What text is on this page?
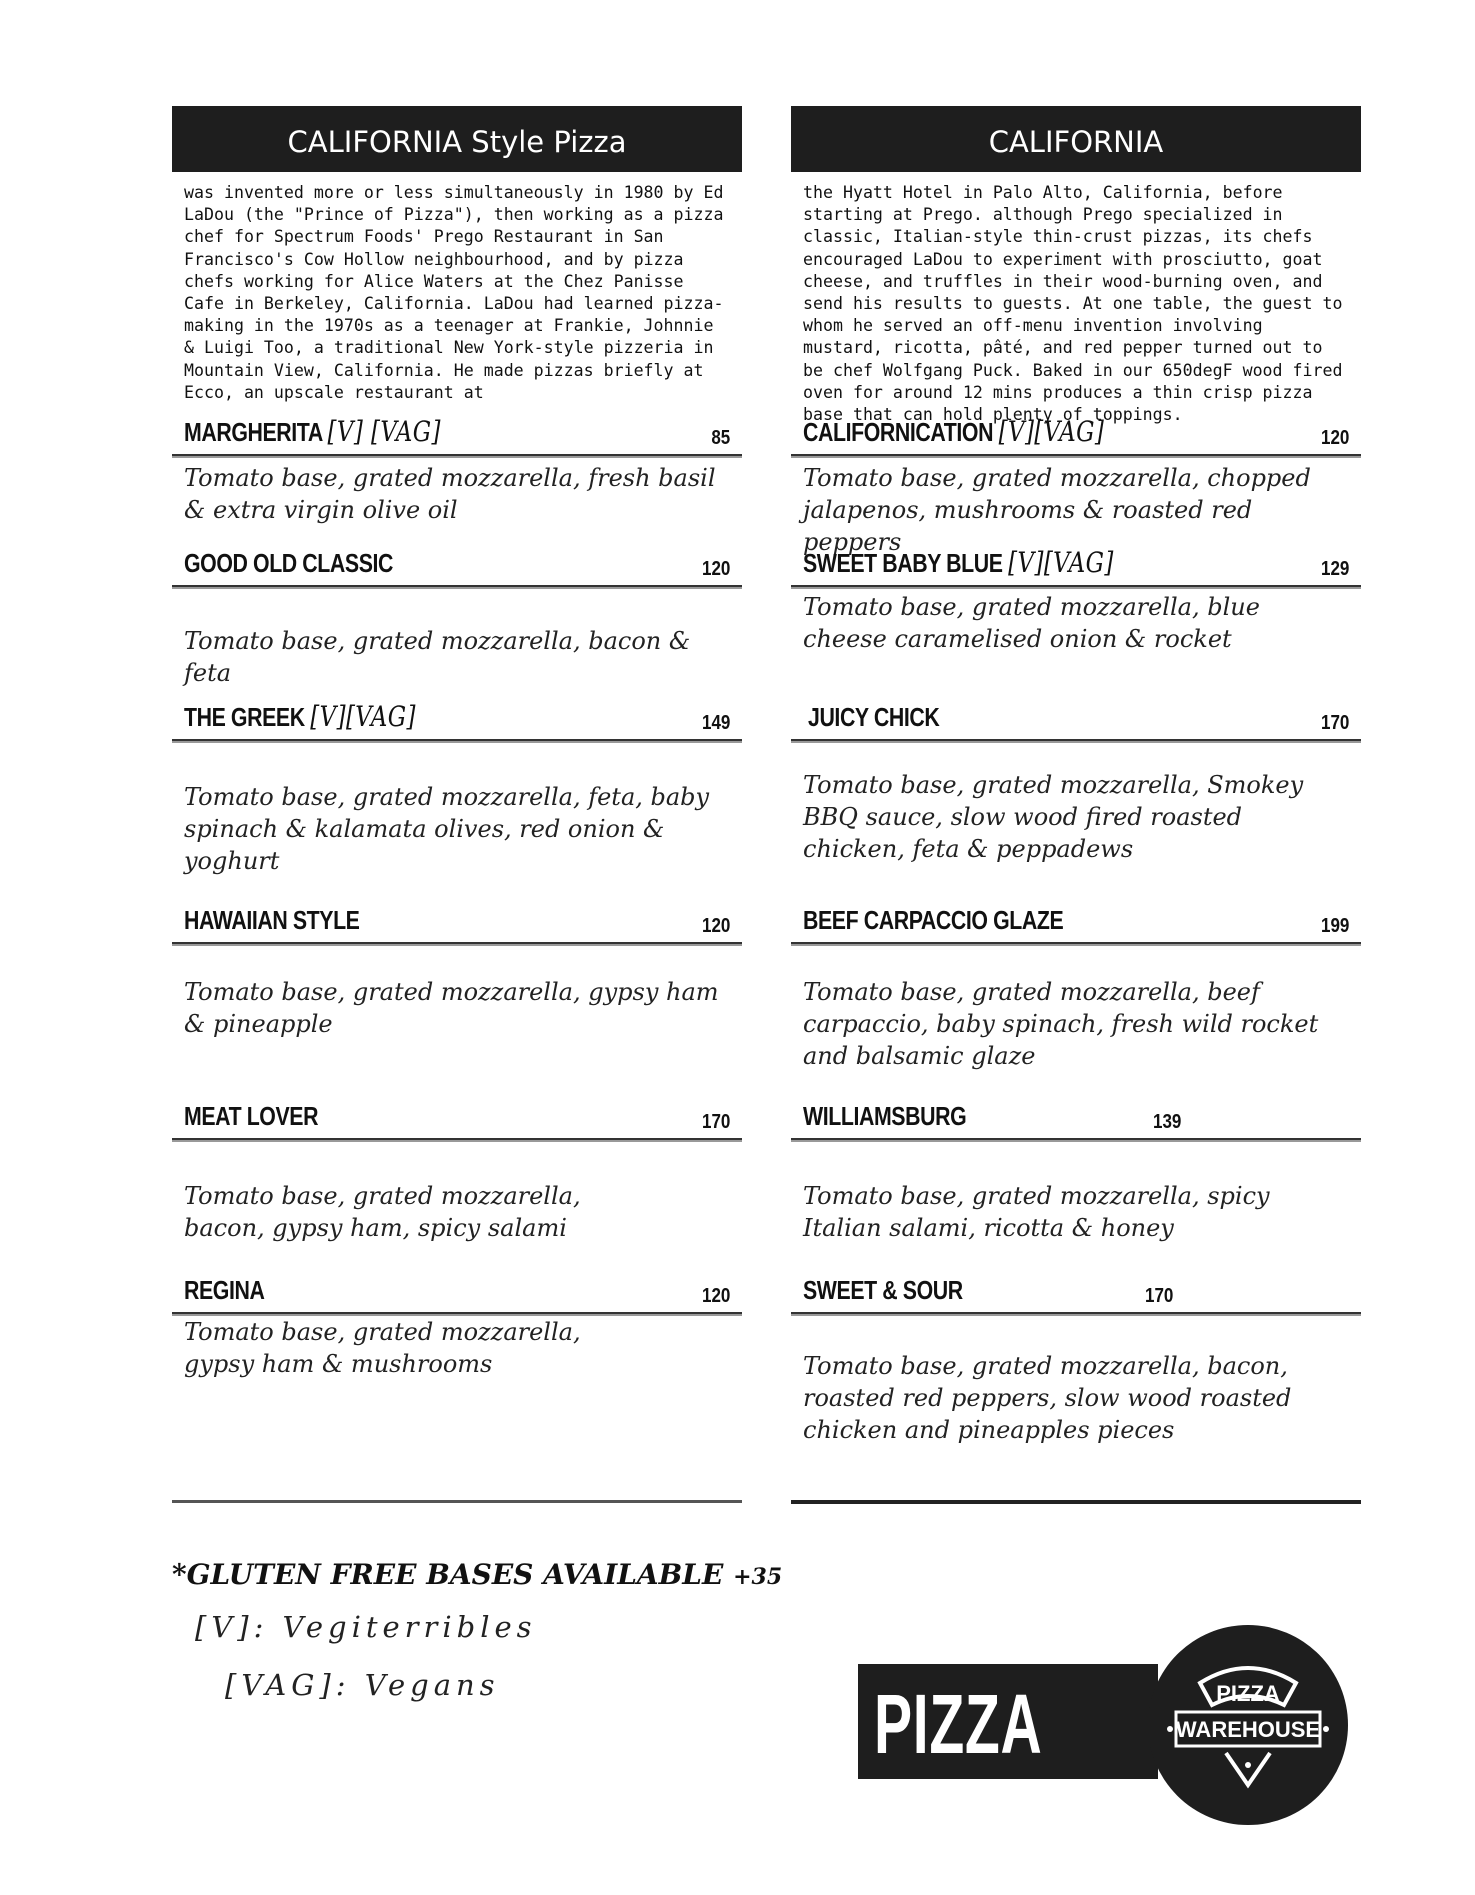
CALIFORNIA Style Pizza
was invented more or less simultaneously in 1980 by Ed LaDou (the "Prince of Pizza"), then working as a pizza chef for Spectrum Foods' Prego Restaurant in San Francisco's Cow Hollow neighbourhood, and by pizza chefs working for Alice Waters at the Chez Panisse Cafe in Berkeley, California. LaDou had learned pizza-making in the 1970s as a teenager at Frankie, Johnnie & Luigi Too, a traditional New York-style pizzeria in Mountain View, California. He made pizzas briefly at Ecco, an upscale restaurant at
CALIFORNIA
the Hyatt Hotel in Palo Alto, California, before starting at Prego. although Prego specialized in classic, Italian-style thin-crust pizzas, its chefs encouraged LaDou to experiment with prosciutto, goat cheese, and truffles in their wood-burning oven, and send his results to guests. At one table, the guest to whom he served an off-menu invention involving mustard, ricotta, pâté, and red pepper turned out to be chef Wolfgang Puck. Baked in our 650degF wood fired oven for around 12 mins produces a thin crisp pizza base that can hold plenty of toppings.
MARGHERITA [V] [VAG]	85
Tomato base, grated mozzarella, fresh basil & extra virgin olive oil
GOOD OLD CLASSIC	120
Tomato base, grated mozzarella, bacon & feta
THE GREEK [V][VAG]	149
Tomato base, grated mozzarella, feta, baby spinach & kalamata olives, red onion & yoghurt
HAWAIIAN STYLE	120
Tomato base, grated mozzarella, gypsy ham & pineapple
MEAT LOVER	170
Tomato base, grated mozzarella, bacon, gypsy ham, spicy salami
REGINA	120
Tomato base, grated mozzarella, gypsy ham & mushrooms
CALIFORNICATION [V][VAG]	120
Tomato base, grated mozzarella, chopped jalapenos, mushrooms & roasted red peppers
SWEET BABY BLUE [V][VAG]	129
Tomato base, grated mozzarella, blue cheese caramelised onion & rocket
JUICY CHICK	170
Tomato base, grated mozzarella, Smokey BBQ sauce, slow wood fired roasted chicken, feta & peppadews
BEEF CARPACCIO GLAZE	199
Tomato base, grated mozzarella, beef carpaccio, baby spinach, fresh wild rocket and balsamic glaze
WILLIAMSBURG	139
Tomato base, grated mozzarella, spicy Italian salami, ricotta & honey
SWEET & SOUR	170
Tomato base, grated mozzarella, bacon, roasted red peppers, slow wood roasted chicken and pineapples pieces
*GLUTEN FREE BASES AVAILABLE +35
[V]: Vegiterribles
[VAG]: Vegans	PIZZA	PIZZA
WAREHOUSE
